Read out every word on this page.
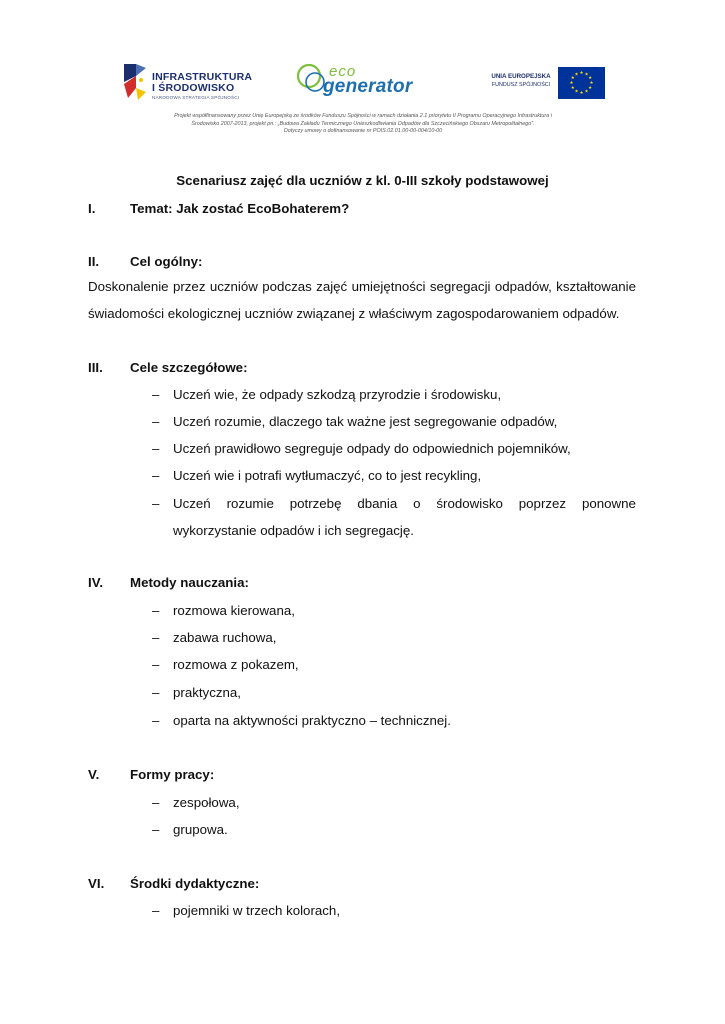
INFRASTRUKTURA
I ŚRODOWISKO
NARODOWA STRATEGIA SPÓJNOŚCI
eco
generator	UNIA EUROPEJSKA
FUNDUSZ SPÓJNOŚCI
★ ★
★
★
★
★
★
★
★
★
★
★
Projekt współfinansowany przez Unię Europejską ze środków Funduszu Spójności w ramach działania 2.1 priorytetu II Programu Operacyjnego Infrastruktura i
Środowisko 2007-2013, projekt pn.: „Budowa Zakładu Termicznego Unieszkodliwiania Odpadów dla Szczecińskiego Obszaru Metropolitalnego”.
Dotyczy umowy o dofinansowanie nr POIS.02.01.00-00-004/10-00
Scenariusz zajęć dla uczniów z kl. 0-III szkoły podstawowej
I.	Temat: Jak zostać EcoBohaterem?
II. Cel ogólny:
Doskonalenie przez uczniów podczas zajęć umiejętności segregacji odpadów, kształtowanie
świadomości ekologicznej uczniów związanej z właściwym zagospodarowaniem odpadów.
III. Cele szczegółowe:
– Uczeń wie, że odpady szkodzą przyrodzie i środowisku,
– Uczeń rozumie, dlaczego tak ważne jest segregowanie odpadów,
– Uczeń prawidłowo segreguje odpady do odpowiednich pojemników,
– Uczeń wie i potrafi wytłumaczyć, co to jest recykling,
– Uczeń rozumie potrzebę dbania o środowisko poprzez ponowne
wykorzystanie odpadów i ich segregację.
IV. Metody nauczania:
– rozmowa kierowana,
– zabawa ruchowa,
– rozmowa z pokazem,
– praktyczna,
– oparta na aktywności praktyczno – technicznej.
V. Formy pracy:
– zespołowa,
– grupowa.
VI. Środki dydaktyczne:
– pojemniki w trzech kolorach,
